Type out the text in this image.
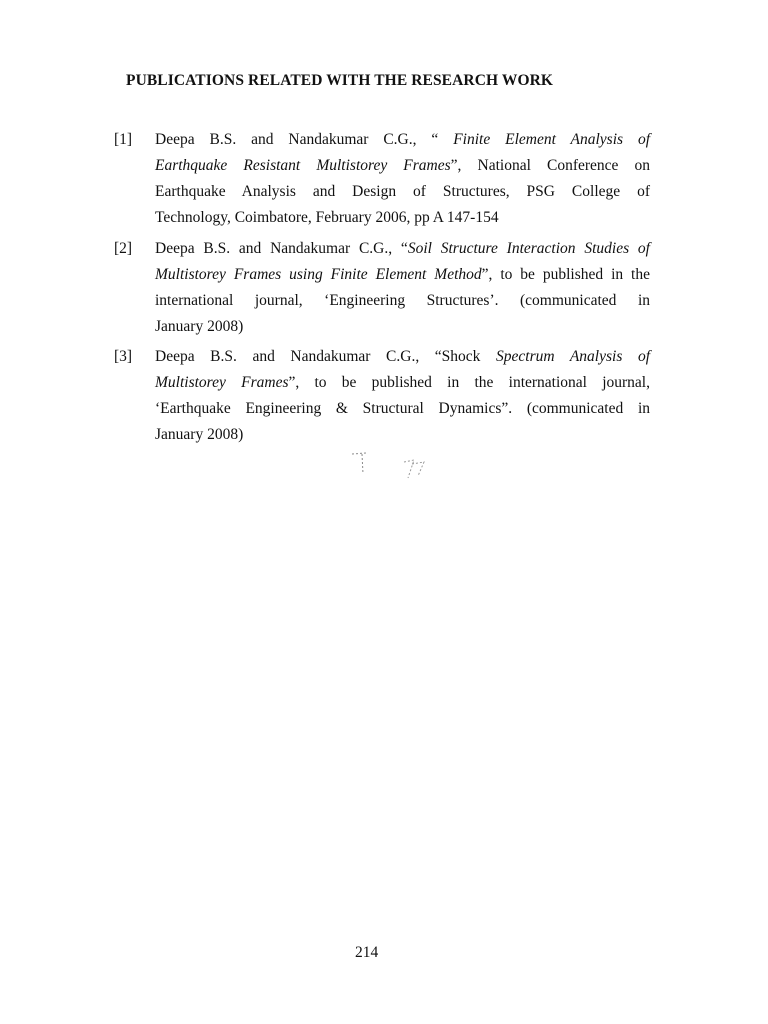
PUBLICATIONS RELATED WITH THE RESEARCH WORK
[1] Deepa B.S. and Nandakumar C.G., “ Finite Element Analysis of
Earthquake Resistant Multistorey Frames”, National Conference on
Earthquake Analysis and Design of Structures, PSG College of
Technology, Coimbatore, February 2006, pp A 147-154
[2] Deepa B.S. and Nandakumar C.G., “Soil Structure Interaction Studies of
Multistorey Frames using Finite Element Method”, to be published in the
international journal, ‘Engineering Structures’. (communicated in
January 2008)
[3] Deepa B.S. and Nandakumar C.G., “Shock Spectrum Analysis of
Multistorey Frames”, to be published in the international journal,
‘Earthquake Engineering & Structural Dynamics”. (communicated in
January 2008)
214
